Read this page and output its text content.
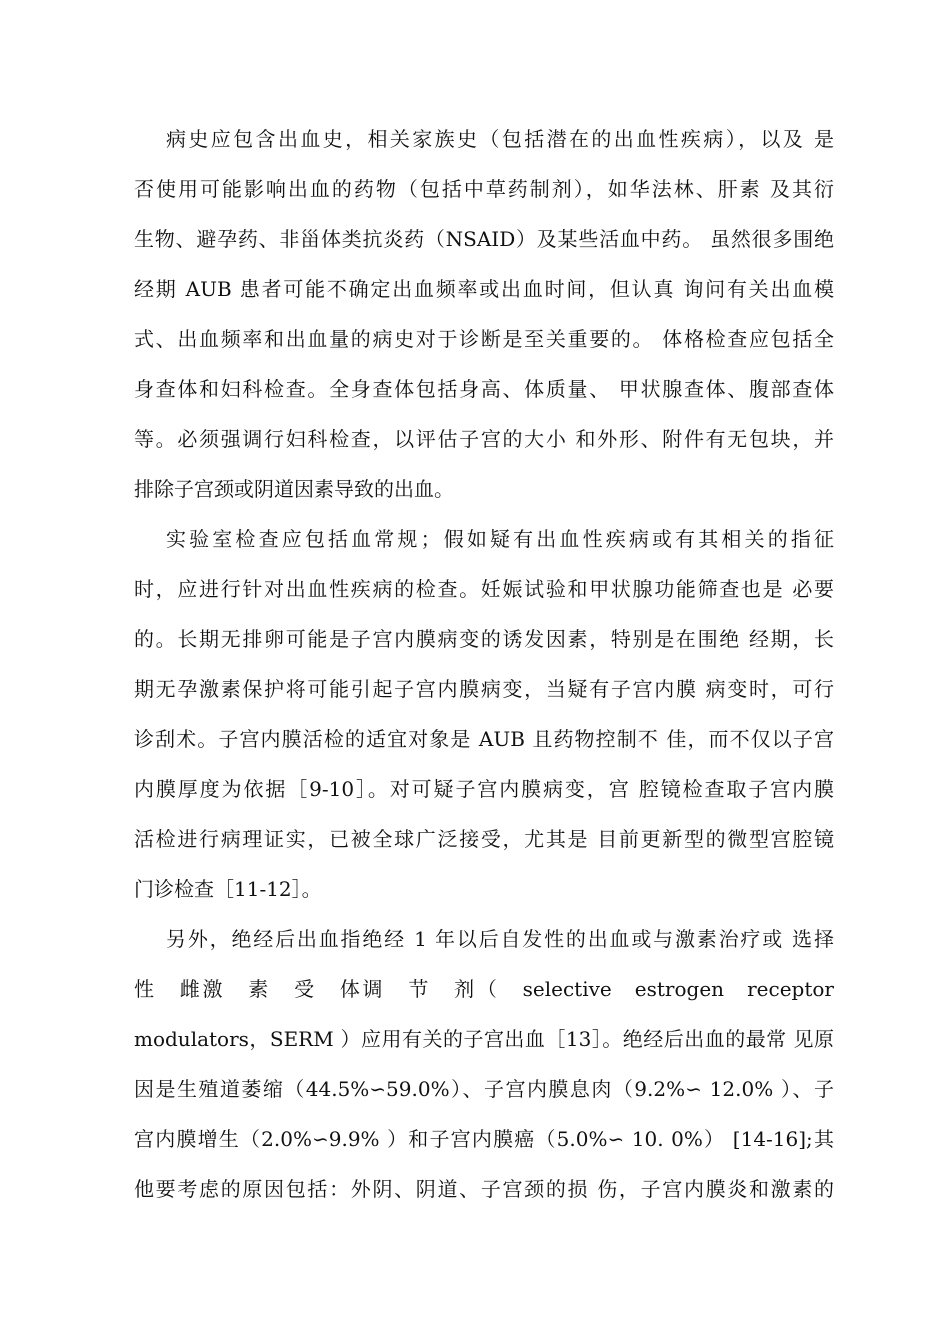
病史应包含出血史，相关家族史（包括潜在的出血性疾病），以及 是
否使用可能影响出血的药物（包括中草药制剂），如华法林、肝素 及其衍
生物、避孕药、非甾体类抗炎药（NSAID）及某些活血中药。 虽然很多围绝
经期 AUB 患者可能不确定出血频率或出血时间，但认真 询问有关出血模
式、出血频率和出血量的病史对于诊断是至关重要的。 体格检查应包括全
身查体和妇科检查。全身查体包括身高、体质量、 甲状腺查体、腹部查体
等。必须强调行妇科检查，以评估子宫的大小 和外形、附件有无包块，并
排除子宫颈或阴道因素导致的出血。
实验室检查应包括血常规；假如疑有出血性疾病或有其相关的指征
时，应进行针对出血性疾病的检查。妊娠试验和甲状腺功能筛查也是 必要
的。长期无排卵可能是子宫内膜病变的诱发因素，特别是在围绝 经期，长
期无孕激素保护将可能引起子宫内膜病变，当疑有子宫内膜 病变时，可行
诊刮术。子宫内膜活检的适宜对象是 AUB 且药物控制不 佳，而不仅以子宫
内膜厚度为依据［9-10］。对可疑子宫内膜病变，宫 腔镜检查取子宫内膜
活检进行病理证实，已被全球广泛接受，尤其是 目前更新型的微型宫腔镜
门诊检查［11-12］。
另外，绝经后出血指绝经 1 年以后自发性的出血或与激素治疗或 选择
性 雌激 素 受 体调 节 剂（ selective estrogen receptor
modulators，SERM ）应用有关的子宫出血［13］。绝经后出血的最常 见原
因是生殖道萎缩（44.5%∽59.0%）、子宫内膜息肉（9.2%∽ 12.0% ）、子
宫内膜增生（2.0%∽9.9% ）和子宫内膜癌（5.0%∽ 10. 0%） [14-16];其
他要考虑的原因包括：外阴、阴道、子宫颈的损 伤，子宫内膜炎和激素的
